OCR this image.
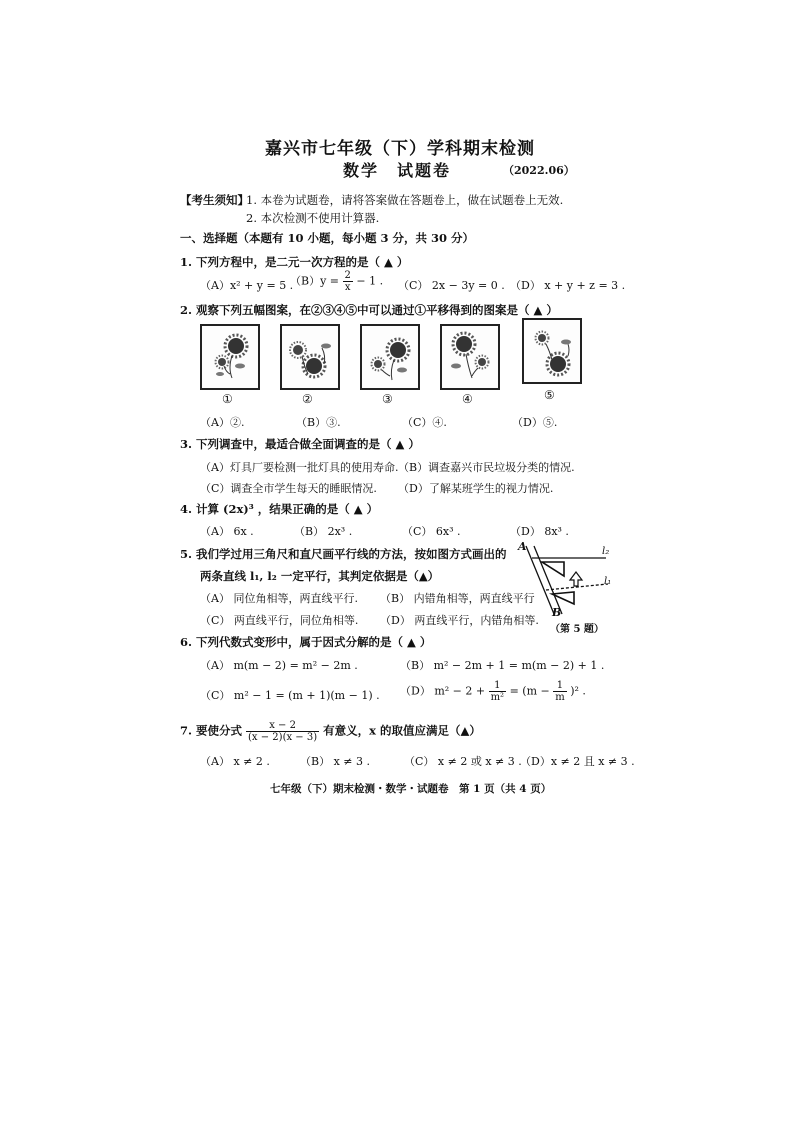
嘉兴市七年级（下）学科期末检测
数学　试题卷	（2022.06）
【考生须知】
1. 本卷为试题卷，请将答案做在答题卷上，做在试题卷上无效.
2. 本次检测不使用计算器.
一、选择题（本题有 10 小题，每小题 3 分，共 30 分）
1. 下列方程中，是二元一次方程的是（ ▲ ）
（A）x² + y = 5 .
$(B)y = \frac{2}{x} - 1$ . （C） 2x − 3y = 0 . （D） x + y + z = 3 .
2. 观察下列五幅图案，在②③④⑤中可以通过①平移得到的图案是（ ▲ ）
①	②	③	④	⑤
（A）②.	（B）③.	（C）④.	（D）⑤.
3. 下列调查中，最适合做全面调查的是（ ▲ ）
（A）灯具厂要检测一批灯具的使用寿命. （B）调查嘉兴市民垃圾分类的情况.
（C）调查全市学生每天的睡眠情况. （D）了解某班学生的视力情况.
4. 计算 (2x)³ ，结果正确的是（ ▲ ）
（A） 6x .	（B） 2x³ .	（C） 6x³ .	（D） 8x³ .
5. 我们学过用三角尺和直尺画平行线的方法，按如图方式画出的
两条直线 l₁, l₂ 一定平行，其判定依据是（▲）
（A） 同位角相等，两直线平行. （B） 内错角相等，两直线平行
（C） 两直线平行，同位角相等. （D） 两直线平行，内错角相等.
A
B
l₂
l₁
（第 5 题）
6. 下列代数式变形中，属于因式分解的是（ ▲ ）
（A） m(m − 2) = m² − 2m .	（B） m² − 2m + 1 = m(m − 2) + 1 .
（C） m² − 1 = (m + 1)(m − 1) . （D） $m^2 - 2 + \frac{1}{\text{m²}} = (m - \frac{1}{m} )^2$ .
7. 要使分式 $\frac{x - 2}{(x - 2)(x - 3)}$ 有意义，x 的取值应满足（▲）
（A） x ≠ 2 .	（B） x ≠ 3 .	（C） x ≠ 2 或 x ≠ 3 .
（D）x ≠ 2 且 x ≠ 3 .
七年级（下）期末检测・数学・试题卷　第 1 页（共 4 页）
